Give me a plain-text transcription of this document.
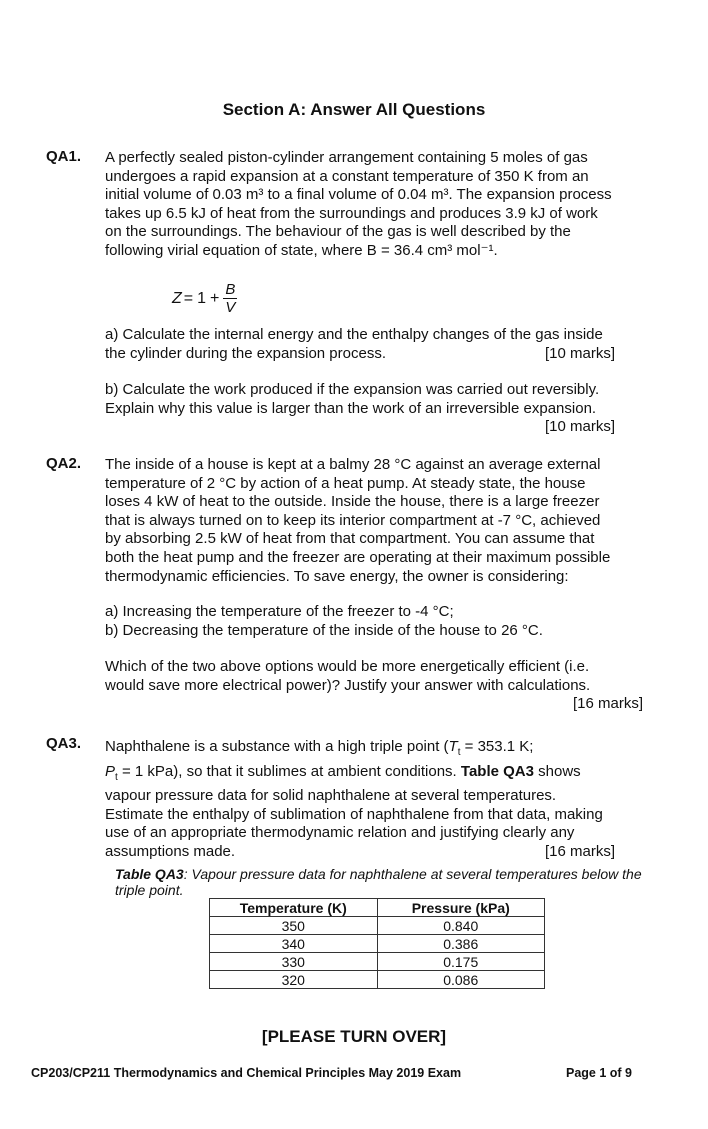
Section A: Answer All Questions
QA1. A perfectly sealed piston-cylinder arrangement containing 5 moles of gas

undergoes a rapid expansion at a constant temperature of 350 K from an

initial volume of 0.03 m³ to a final volume of 0.04 m³. The expansion process

takes up 6.5 kJ of heat from the surroundings and produces 3.9 kJ of work

on the surroundings. The behaviour of the gas is well described by the

following virial equation of state, where B = 36.4 cm³ mol⁻¹.

$Z = 1 + \frac{B}{V}$

a) Calculate the internal energy and the enthalpy changes of the gas inside

the cylinder during the expansion process.	[10 marks]

b) Calculate the work produced if the expansion was carried out reversibly.

Explain why this value is larger than the work of an irreversible expansion.

[10 marks]

QA2. The inside of a house is kept at a balmy 28 °C against an average external

temperature of 2 °C by action of a heat pump. At steady state, the house

loses 4 kW of heat to the outside. Inside the house, there is a large freezer

that is always turned on to keep its interior compartment at -7 °C, achieved

by absorbing 2.5 kW of heat from that compartment. You can assume that

both the heat pump and the freezer are operating at their maximum possible

thermodynamic efficiencies. To save energy, the owner is considering:

a) Increasing the temperature of the freezer to -4 °C;

b) Decreasing the temperature of the inside of the house to 26 °C.

Which of the two above options would be more energetically efficient (i.e.

would save more electrical power)? Justify your answer with calculations.

[16 marks]

QA3. Naphthalene is a substance with a high triple point ($T_t = 353.1$ K;

$P_t = 1$ kPa), so that it sublimes at ambient conditions. Table QA3 shows

vapour pressure data for solid naphthalene at several temperatures.

Estimate the enthalpy of sublimation of naphthalene from that data, making

use of an appropriate thermodynamic relation and justifying clearly any

assumptions made.	[16 marks]

Table QA3: Vapour pressure data for naphthalene at several temperatures below the triple point.
Temperature (K)	Pressure (kPa)
350	0.840
340	0.386
330	0.175
320	0.086
[PLEASE TURN OVER]
CP203/CP211 Thermodynamics and Chemical Principles May 2019 Exam	Page 1 of 9
